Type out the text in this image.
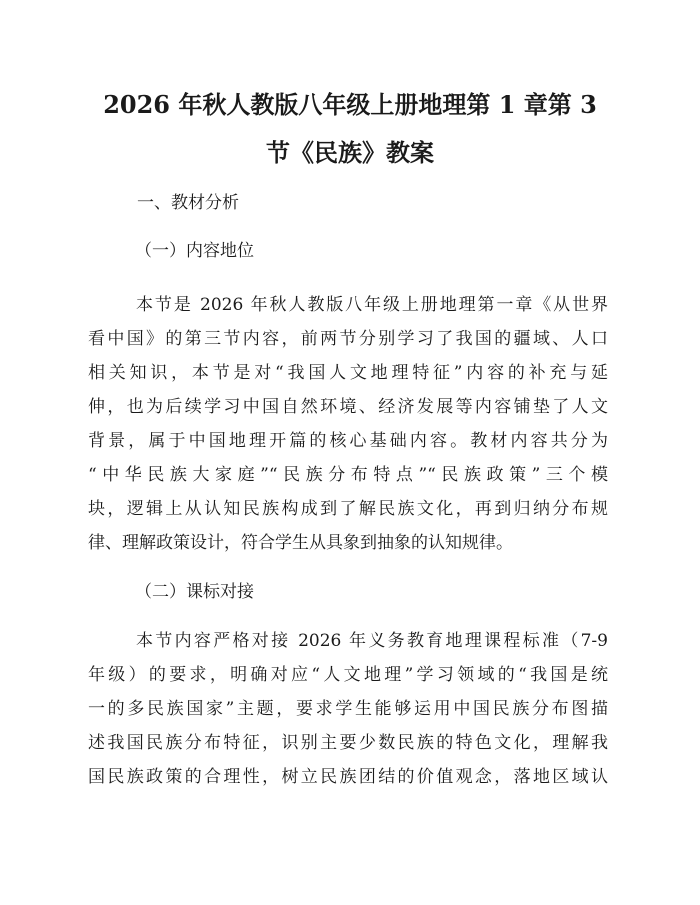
2026 年秋人教版八年级上册地理第 1 章第 3
节《民族》教案

一、教材分析

（一）内容地位

本节是 2026 年秋人教版八年级上册地理第一章《从世界
看中国》的第三节内容，前两节分别学习了我国的疆域、人口
相关知识，本节是对“我国人文地理特征”内容的补充与延
伸，也为后续学习中国自然环境、经济发展等内容铺垫了人文
背景，属于中国地理开篇的核心基础内容。教材内容共分为
“中华民族大家庭”“民族分布特点”“民族政策”三个模
块，逻辑上从认知民族构成到了解民族文化，再到归纳分布规
律、理解政策设计，符合学生从具象到抽象的认知规律。

（二）课标对接

本节内容严格对接 2026 年义务教育地理课程标准（7-9
年级）的要求，明确对应“人文地理”学习领域的“我国是统
一的多民族国家”主题，要求学生能够运用中国民族分布图描
述我国民族分布特征，识别主要少数民族的特色文化，理解我
国民族政策的合理性，树立民族团结的价值观念，落地区域认
